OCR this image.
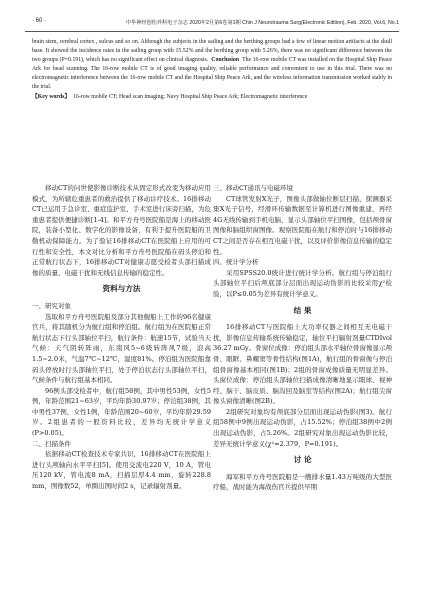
· 60 ·	中华神经创伤外科电子杂志 2020年2月第6卷第1期 Chin J Neurotrauma Surg(Electronic Edition), Feb. 2020, Vol.6, No.1

brain stem, cerebral cortex , sulcus and so on. Although the subjects in the sailing and the berthing groups had a few of linear motion artifacts at the skull base. It showed the incidence rates in the sailing group with 15.52% and the berthing group with 5.26%, there was no significant difference between the two groups (P=0.191), which has no significant effect on clinical diagnosis. Conclusion The 16-row mobile CT was installed on the Hospital Ship Peace Ark for head scanning. The 16-row mobile CT is of good imaging quality, reliable performance and convenient to use in this trial. There was no electromagnetic interference between the 16-row mobile CT and the Hospital Ship Peace Ark, and the wireless information transmission worked stably in the trial.

【Key words】 16-row mobile CT; Head scan imaging; Navy Hospital Ship Peace Ark; Electromagnetic interference

移动CT的问世使影像诊断技术从固定形式改变为移动应用模式，为所辖危重患者的救治提供了移动诊疗技术。16排移动CT已运用于急诊室、重症监护室、手术室进行床旁扫描，为危重患者提供便捷诊断[1-4]。和平方舟号医院船是海上的移动医院，装备小型化、数字化的影像设备，有利于提升医院船的卫勤机动保障能力。为了验证16排移动CT在医院船上应用的可行性和安全性，本文对比分析和平方舟号医院船在码头停泊和正常航行状态下，16排移动CT对健康志愿受检者头部扫描成像的质量、电磁干扰和无线信息传输的稳定性。

资料与方法

一、研究对象

选取和平方舟号医院船及部分其他舰船上工作的96名健康官兵，将其随机分为航行组和停泊组。航行组为在医院船正常航行状态下行头部轴位平扫，航行条件：航速15节，试验当天气候：天气阴转阵雨，东南风5~6级转阵风7级，浪高1.5~2.0米，气温7℃~12℃，湿度81%。停泊组为医院船靠码头停放时行头部轴位平扫，处于停泊状态行头部轴位平扫，气候条件与航行组基本相同。

96例头部受检者中，航行组58例，其中男性53例，女性5例，年龄范围21~63岁，平均年龄30.97岁；停泊组38例，其中男性37例，女性1例，年龄范围20~60岁，平均年龄29.59岁。2组患者的一般资料比较，差异均无统计学意义(P>0.05)。

二、扫描条件

依据移动CT检查技术专家共识，16排移动CT在医院船上进行头颅轴向水平平扫[5]。使用交流电220 V，10 A，管电压120 kV，管电流8 mA，扫描层厚4.4 mm，旋转228.8 mm，图像数52，单圈出图时间2 s，记录辐射剂量。

三、移动CT通讯与电磁环境

CT球管发射X光子，图像头部做轴位断层扫描，探测器采集X光子信号，经滑环传输数据至计算机进行图像重建，再经4G无线传输到手机电脑，显示头部轴位平扫图像，包括颅骨窗图像和脑组织窗图像。观察医院船在航行和停泊时与16排移动CT之间是否存在相互电磁干扰，以及评价影像信息传输的稳定性。

四、统计学分析

采用SPSS20.0统计进行统计学分析。航行组与停泊组行头部轴位平扫后颅底部分层面出现运动伪影的比较采用χ²检验，以P≤0.05为差异有统计学意义。

结 果

16排移动CT与医院船上大功率仪器之间相互无电磁干扰，影像信息传输系统传输稳定，轴位平扫辐射剂量CTDIvol 36.27 mGy。骨窗位成像：停泊组头部水平轴位骨窗像显示颅骨、眼眶、鼻螺窦等骨性结构(图1A)，航行组的骨窗像与停泊组骨窗像基本相同(图1B)；2组的骨窗成像质量无明显差异。头窗位成像：停泊组头部轴位扫描成像清晰地显示眼球、视神经、脑干、脑皮质、脑沟回及脑室等结构(图2A)；航行组尖窗像头窗像清晰(图2B)。

2组研究对象均有颅底部分层面出现运动伪影(图3)。航行组58例中9例出现运动伪影，占15.52%；停泊组38例中2例出现运动伪影，占5.26%。2组研究对象出现运动伪影比较，差异无统计学意义(χ²=2.379，P=0.191)。

讨 论

海军和平方舟号医院船是一艘排水量1.43万吨级的大型医疗船，战时能为海战伤官兵提供早期
